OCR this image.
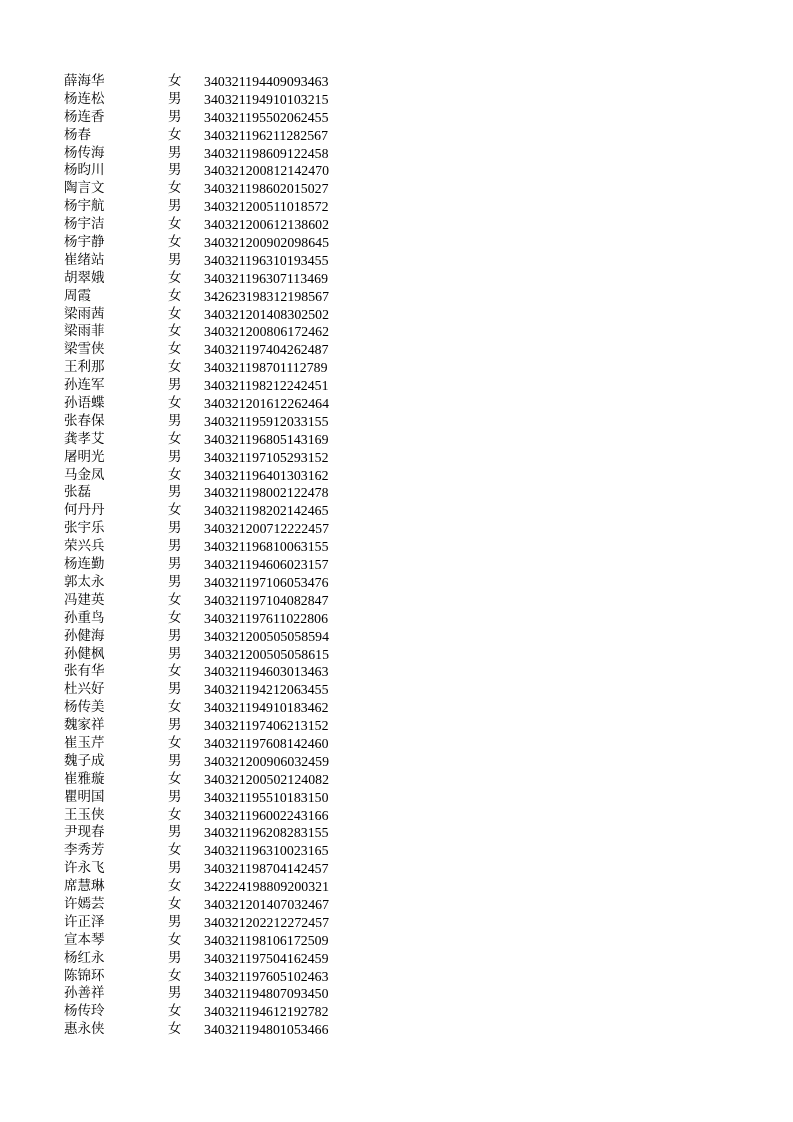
薛海华	女 340321194409093463
杨连松	男 340321194910103215
杨连香	男 340321195502062455
杨春	女 340321196211282567
杨传海	男 340321198609122458
杨昀川	男 340321200812142470
陶言文	女 340321198602015027
杨宇航	男 340321200511018572
杨宇洁	女 340321200612138602
杨宇静	女 340321200902098645
崔绪站	男 340321196310193455
胡翠娥	女 340321196307113469
周霞	女 342623198312198567
梁雨茜	女 340321201408302502
梁雨菲	女 340321200806172462
梁雪侠	女 340321197404262487
王利那	女 340321198701112789
孙连军	男 340321198212242451
孙语蝶	女 340321201612262464
张春保	男 340321195912033155
龚孝艾	女 340321196805143169
屠明光	男 340321197105293152
马金凤	女 340321196401303162
张磊	男 340321198002122478
何丹丹	女 340321198202142465
张宇乐	男 340321200712222457
荣兴兵	男 340321196810063155
杨连勤	男 340321194606023157
郭太永	男 340321197106053476
冯建英	女 340321197104082847
孙重鸟	女 340321197611022806
孙健海	男 340321200505058594
孙健枫	男 340321200505058615
张有华	女 340321194603013463
杜兴好	男 340321194212063455
杨传美	女 340321194910183462
魏家祥	男 340321197406213152
崔玉芹	女 340321197608142460
魏子成	男 340321200906032459
崔雅璇	女 340321200502124082
瞿明国	男 340321195510183150
王玉侠	女 340321196002243166
尹现春	男 340321196208283155
李秀芳	女 340321196310023165
许永飞	男 340321198704142457
席慧琳	女 342224198809200321
许嫣芸	女 340321201407032467
许正泽	男 340321202212272457
宣本琴	女 340321198106172509
杨红永	男 340321197504162459
陈锦环	女 340321197605102463
孙善祥	男 340321194807093450
杨传玲	女 340321194612192782
惠永侠	女 340321194801053466
